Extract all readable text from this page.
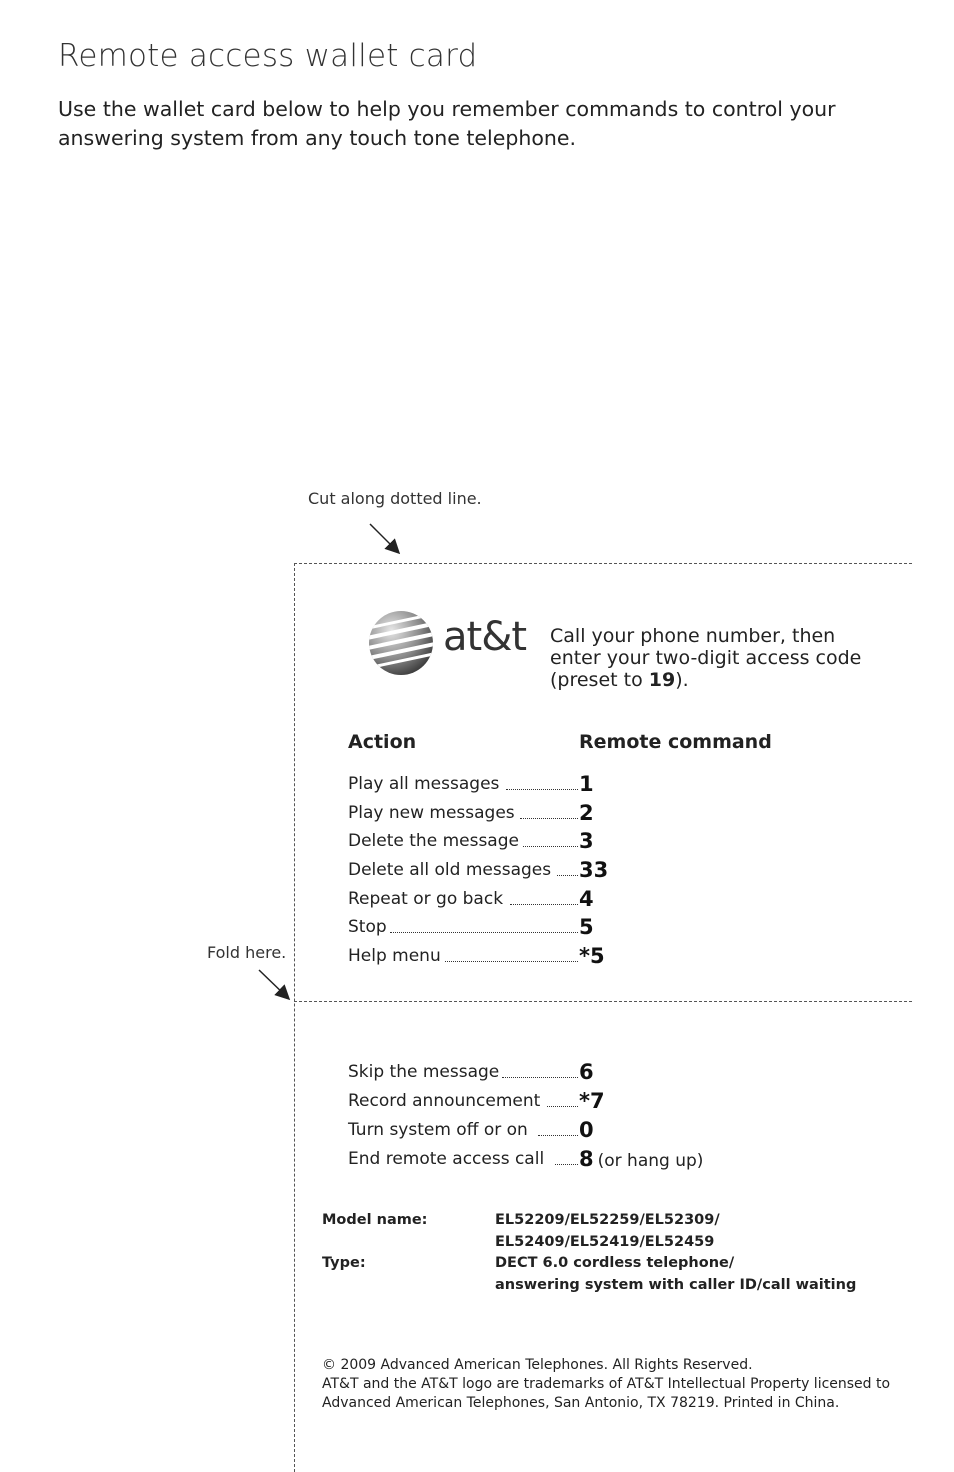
Remote access wallet card
Use the wallet card below to help you remember commands to control your
answering system from any touch tone telephone.
Cut along dotted line.
Fold here.
at&t Call your phone number, then
enter your two-digit access code
(preset to 19).
Action	Remote command
Play all messages	1
Play new messages	2
Delete the message	3
Delete all old messages 33
Repeat or go back	4
Stop	5
Help menu	*5
Skip the message	6
Record announcement *7
Turn system off or on 0
End remote access call 8 (or hang up)
Model name:	EL52209/EL52259/EL52309/
EL52409/EL52419/EL52459
Type:	DECT 6.0 cordless telephone/
answering system with caller ID/call waiting
© 2009 Advanced American Telephones. All Rights Reserved.
AT&T and the AT&T logo are trademarks of AT&T Intellectual Property licensed to
Advanced American Telephones, San Antonio, TX 78219. Printed in China.
